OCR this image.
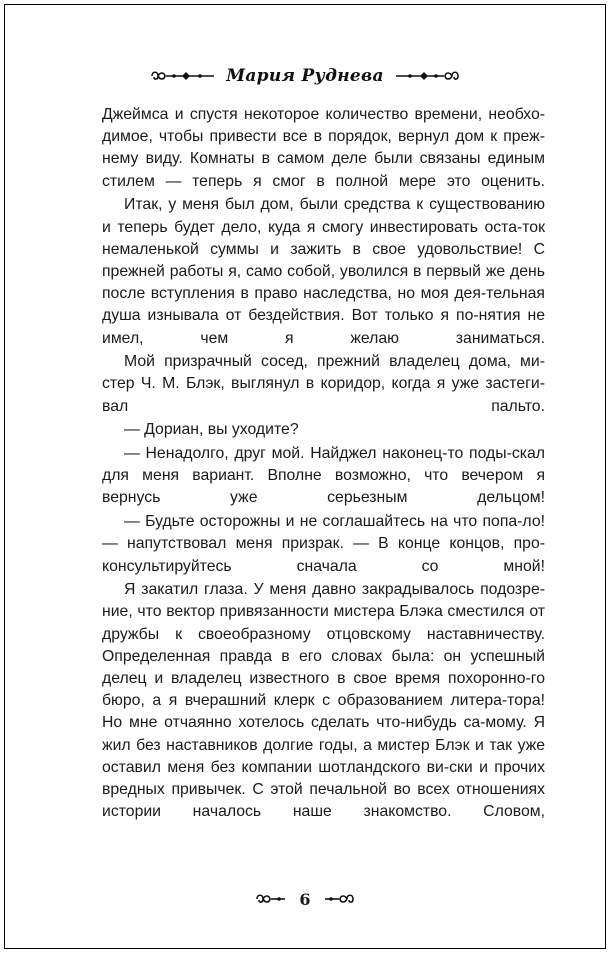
Мария Руднева

Джеймса и спустя некоторое количество времени, необхо-димое, чтобы привести все в порядок, вернул дом к преж-нему виду. Комнаты в самом деле были связаны единым стилем — теперь я смог в полной мере это оценить.

Итак, у меня был дом, были средства к существованию и теперь будет дело, куда я смогу инвестировать оста-ток немаленькой суммы и зажить в свое удовольствие! С прежней работы я, само собой, уволился в первый же день после вступления в право наследства, но моя дея-тельная душа изнывала от бездействия. Вот только я по-нятия не имел, чем я желаю заниматься.

Мой призрачный сосед, прежний владелец дома, ми-стер Ч. М. Блэк, выглянул в коридор, когда я уже застеги-вал пальто.

— Дориан, вы уходите?

— Ненадолго, друг мой. Найджел наконец-то поды-скал для меня вариант. Вполне возможно, что вечером я вернусь уже серьезным дельцом!

— Будьте осторожны и не соглашайтесь на что попа-ло! — напутствовал меня призрак. — В конце концов, про-консультируйтесь сначала со мной!

Я закатил глаза. У меня давно закрадывалось подозре-ние, что вектор привязанности мистера Блэка сместился от дружбы к своеобразному отцовскому наставничеству. Определенная правда в его словах была: он успешный делец и владелец известного в свое время похоронно-го бюро, а я вчерашний клерк с образованием литера-тора! Но мне отчаянно хотелось сделать что-нибудь са-мому. Я жил без наставников долгие годы, а мистер Блэк и так уже оставил меня без компании шотландского ви-ски и прочих вредных привычек. С этой печальной во всех отношениях истории началось наше знакомство. Словом,

6
